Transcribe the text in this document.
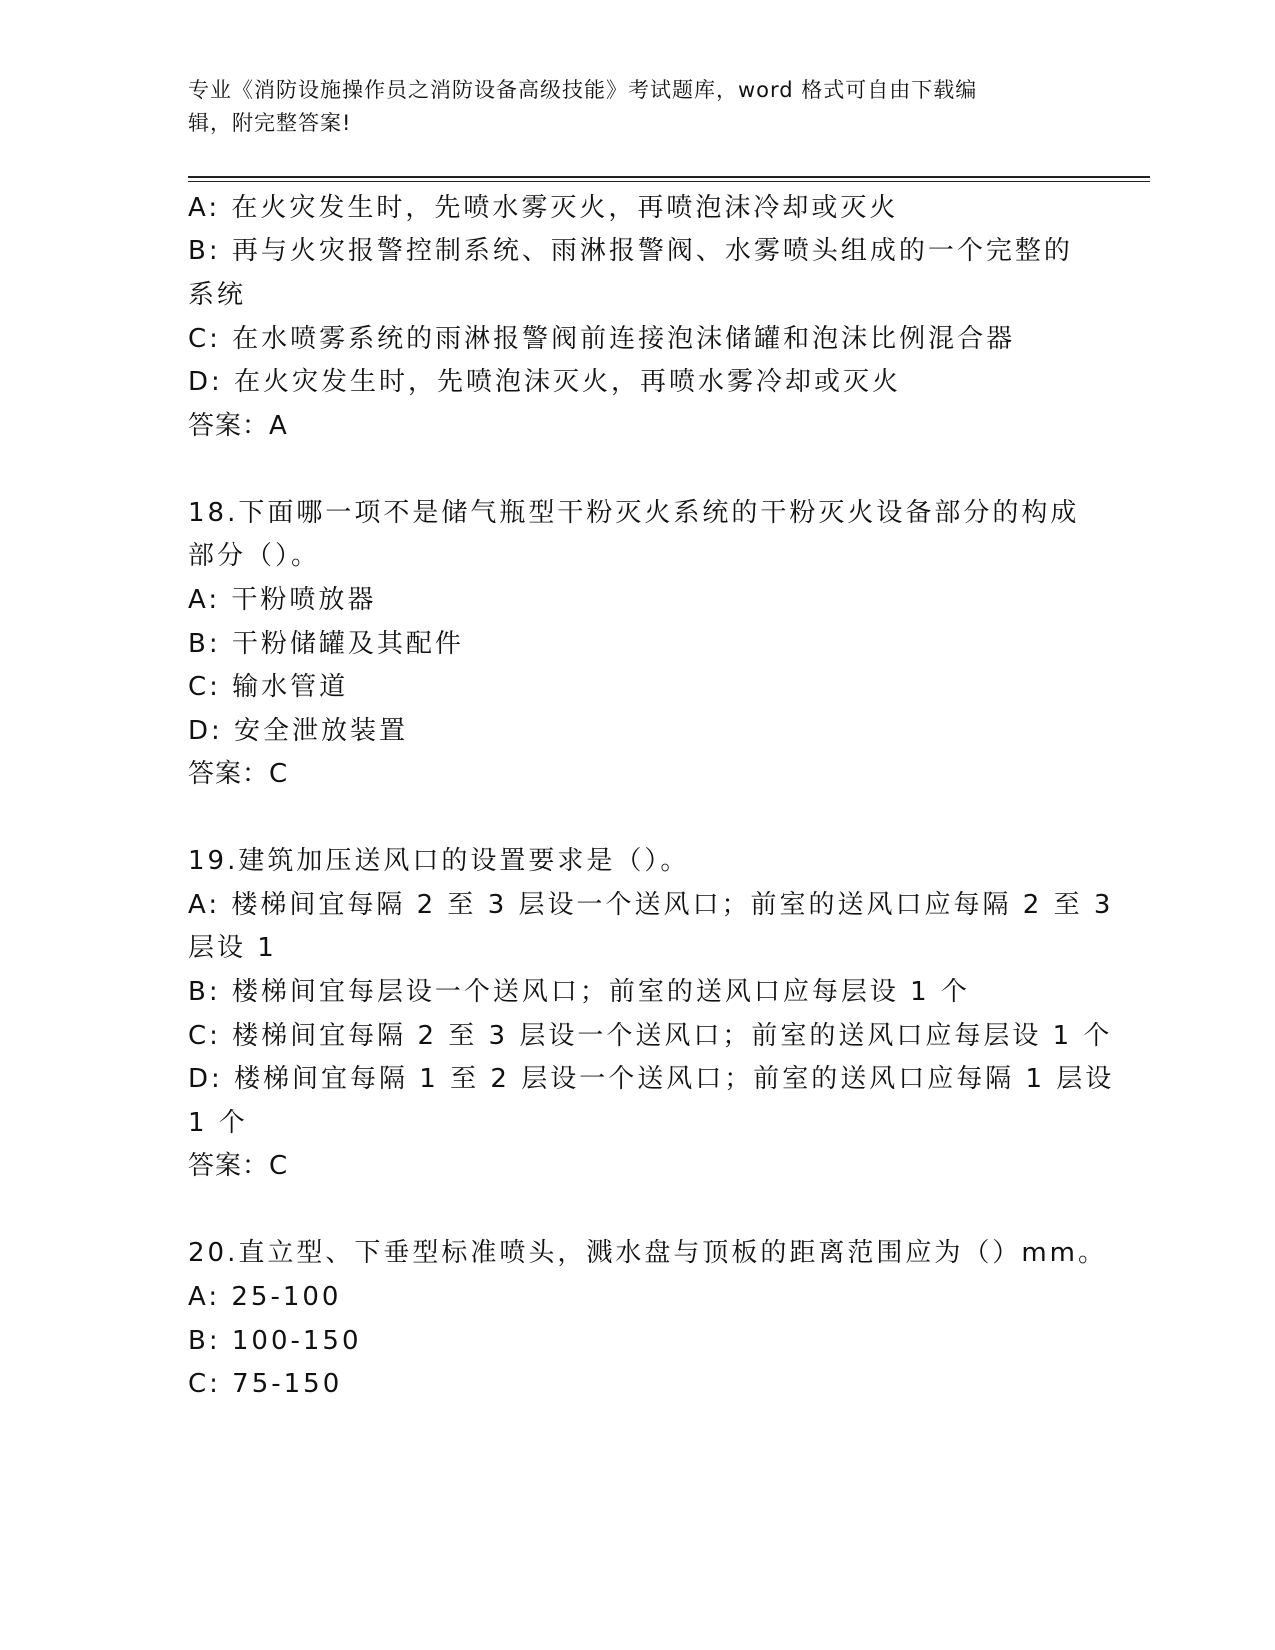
专业《消防设施操作员之消防设备高级技能》考试题库，word 格式可自由下载编
辑，附完整答案!
A: 在火灾发生时，先喷水雾灭火，再喷泡沫冷却或灭火
B: 再与火灾报警控制系统、雨淋报警阀、水雾喷头组成的一个完整的
系统
C: 在水喷雾系统的雨淋报警阀前连接泡沫储罐和泡沫比例混合器
D: 在火灾发生时，先喷泡沫灭火，再喷水雾冷却或灭火
答案：A
18.下面哪一项不是储气瓶型干粉灭火系统的干粉灭火设备部分的构成
部分（）。
A: 干粉喷放器
B: 干粉储罐及其配件
C: 输水管道
D: 安全泄放装置
答案：C
19.建筑加压送风口的设置要求是（）。
A: 楼梯间宜每隔 2 至 3 层设一个送风口；前室的送风口应每隔 2 至 3
层设 1
B: 楼梯间宜每层设一个送风口；前室的送风口应每层设 1 个
C: 楼梯间宜每隔 2 至 3 层设一个送风口；前室的送风口应每层设 1 个
D: 楼梯间宜每隔 1 至 2 层设一个送风口；前室的送风口应每隔 1 层设
1 个
答案：C
20.直立型、下垂型标准喷头，溅水盘与顶板的距离范围应为（）mm。
A: 25-100
B: 100-150
C: 75-150
